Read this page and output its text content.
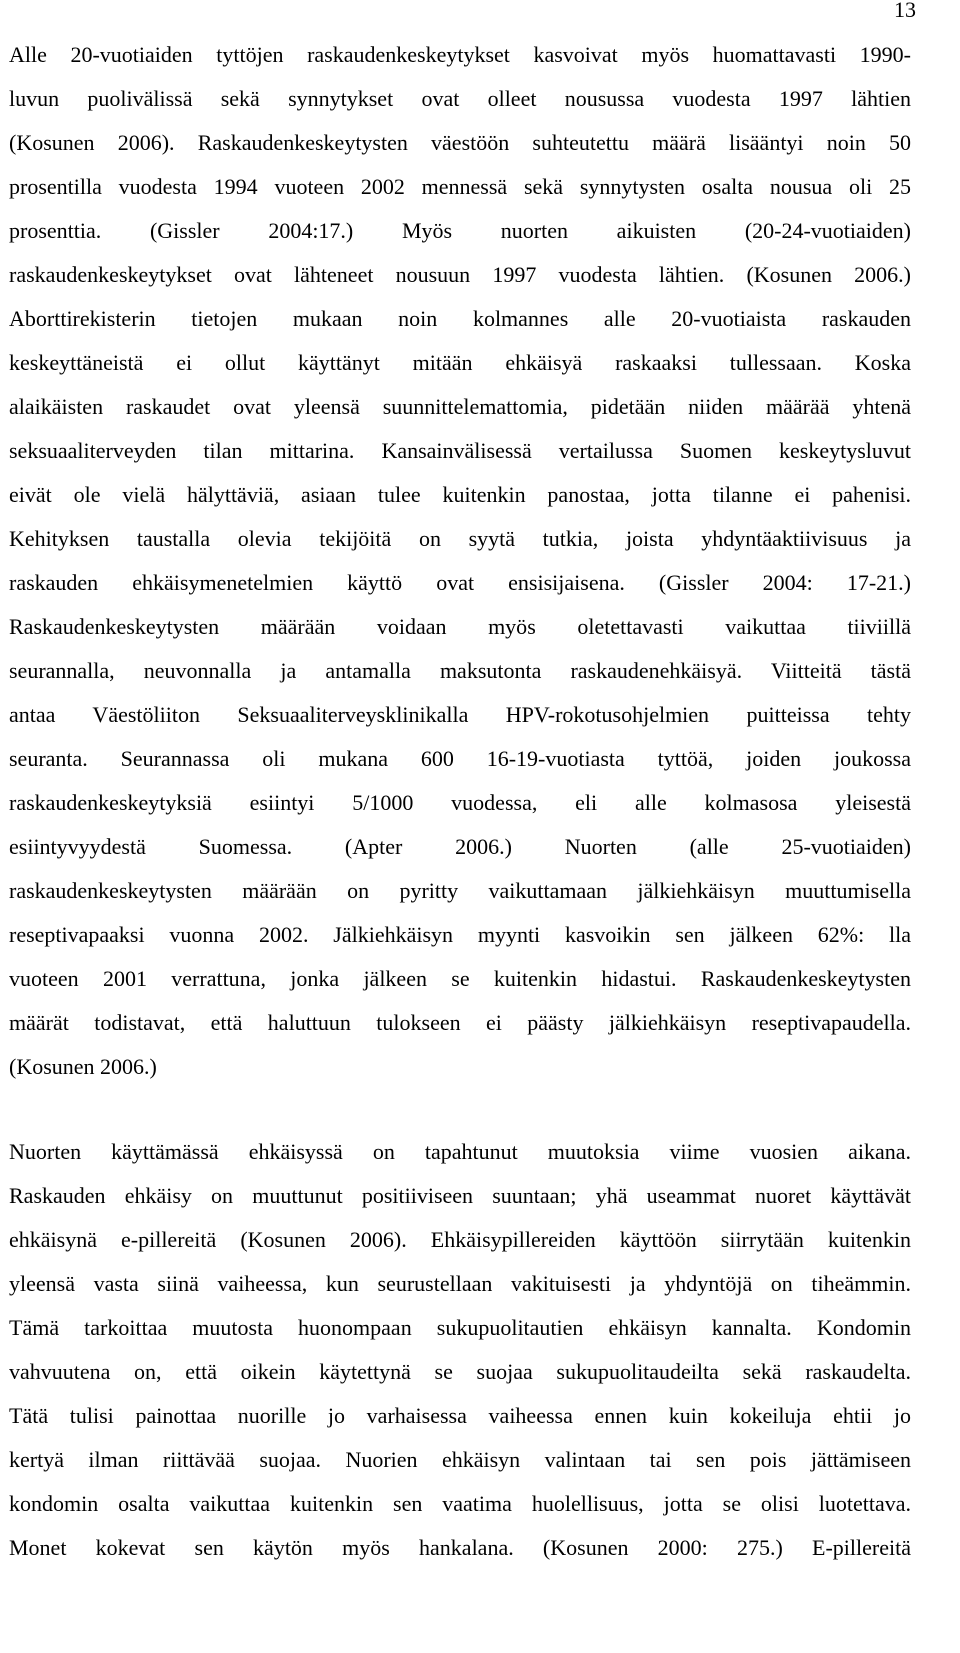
13
Alle 20-vuotiaiden tyttöjen raskaudenkeskeytykset kasvoivat myös huomattavasti 1990-
luvun puolivälissä sekä synnytykset ovat olleet nousussa vuodesta 1997 lähtien
(Kosunen 2006). Raskaudenkeskeytysten väestöön suhteutettu määrä lisääntyi noin 50
prosentilla vuodesta 1994 vuoteen 2002 mennessä sekä synnytysten osalta nousua oli 25
prosenttia. (Gissler 2004:17.) Myös nuorten aikuisten (20-24-vuotiaiden)
raskaudenkeskeytykset ovat lähteneet nousuun 1997 vuodesta lähtien. (Kosunen 2006.)
Aborttirekisterin tietojen mukaan noin kolmannes alle 20-vuotiaista raskauden
keskeyttäneistä ei ollut käyttänyt mitään ehkäisyä raskaaksi tullessaan. Koska
alaikäisten raskaudet ovat yleensä suunnittelemattomia, pidetään niiden määrää yhtenä
seksuaaliterveyden tilan mittarina. Kansainvälisessä vertailussa Suomen keskeytysluvut
eivät ole vielä hälyttäviä, asiaan tulee kuitenkin panostaa, jotta tilanne ei pahenisi.
Kehityksen taustalla olevia tekijöitä on syytä tutkia, joista yhdyntäaktiivisuus ja
raskauden ehkäisymenetelmien käyttö ovat ensisijaisena. (Gissler 2004: 17-21.)
Raskaudenkeskeytysten määrään voidaan myös oletettavasti vaikuttaa tiiviillä
seurannalla, neuvonnalla ja antamalla maksutonta raskaudenehkäisyä. Viitteitä tästä
antaa Väestöliiton Seksuaaliterveysklinikalla HPV-rokotusohjelmien puitteissa tehty
seuranta. Seurannassa oli mukana 600 16-19-vuotiasta tyttöä, joiden joukossa
raskaudenkeskeytyksiä esiintyi 5/1000 vuodessa, eli alle kolmasosa yleisestä
esiintyvyydestä Suomessa. (Apter 2006.) Nuorten (alle 25-vuotiaiden)
raskaudenkeskeytysten määrään on pyritty vaikuttamaan jälkiehkäisyn muuttumisella
reseptivapaaksi vuonna 2002. Jälkiehkäisyn myynti kasvoikin sen jälkeen 62%: lla
vuoteen 2001 verrattuna, jonka jälkeen se kuitenkin hidastui. Raskaudenkeskeytysten
määrät todistavat, että haluttuun tulokseen ei päästy jälkiehkäisyn reseptivapaudella.
(Kosunen 2006.)
Nuorten käyttämässä ehkäisyssä on tapahtunut muutoksia viime vuosien aikana.
Raskauden ehkäisy on muuttunut positiiviseen suuntaan; yhä useammat nuoret käyttävät
ehkäisynä e-pillereitä (Kosunen 2006). Ehkäisypillereiden käyttöön siirrytään kuitenkin
yleensä vasta siinä vaiheessa, kun seurustellaan vakituisesti ja yhdyntöjä on tiheämmin.
Tämä tarkoittaa muutosta huonompaan sukupuolitautien ehkäisyn kannalta. Kondomin
vahvuutena on, että oikein käytettynä se suojaa sukupuolitaudeilta sekä raskaudelta.
Tätä tulisi painottaa nuorille jo varhaisessa vaiheessa ennen kuin kokeiluja ehtii jo
kertyä ilman riittävää suojaa. Nuorien ehkäisyn valintaan tai sen pois jättämiseen
kondomin osalta vaikuttaa kuitenkin sen vaatima huolellisuus, jotta se olisi luotettava.
Monet kokevat sen käytön myös hankalana. (Kosunen 2000: 275.) E-pillereitä
